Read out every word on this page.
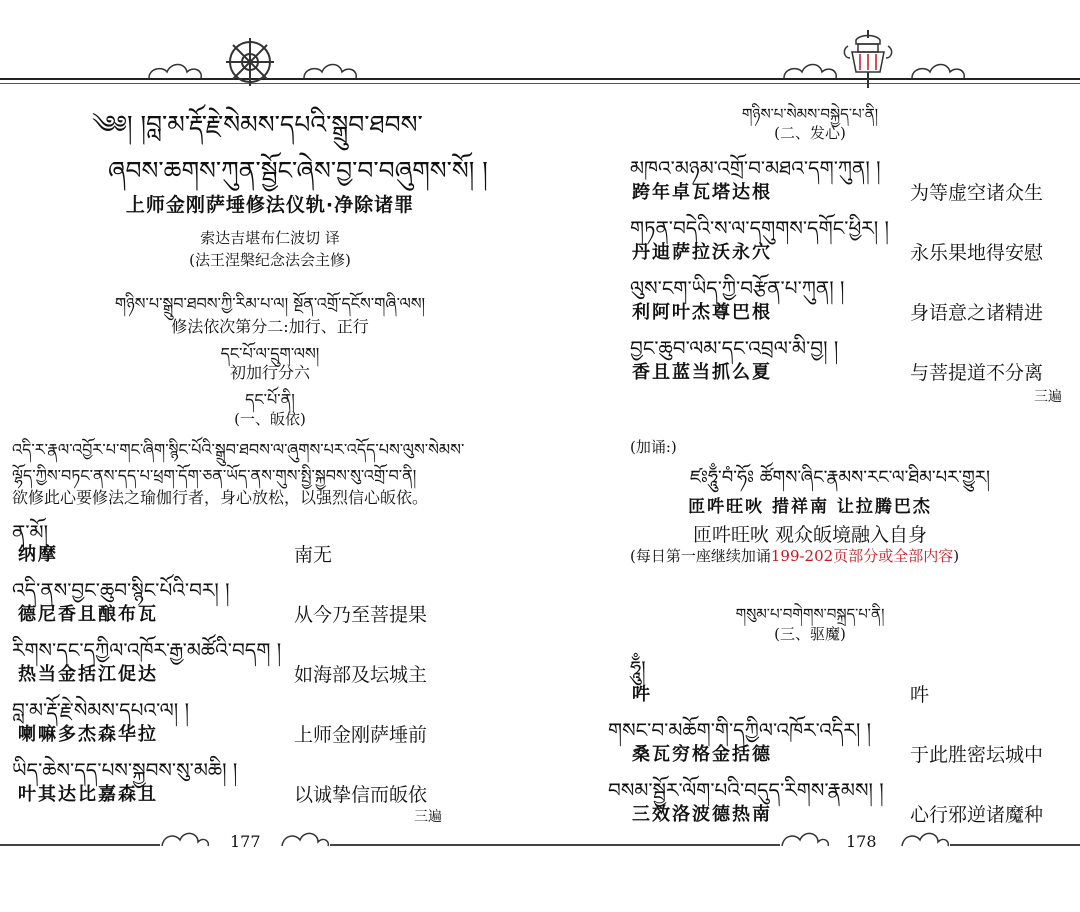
༄༅། །བླ་མ་རྡོ་རྗེ་སེམས་དཔའི་སྒྲུབ་ཐབས་
ཞབས་ཆགས་ཀུན་སྦྱོང་ཞེས་བྱ་བ་བཞུགས་སོ། །
上师金刚萨埵修法仪轨·净除诸罪
索达吉堪布仁波切 译
(法王涅槃纪念法会主修)
གཉིས་པ་སྒྲུབ་ཐབས་ཀྱི་རིམ་པ་ལ། སྔོན་འགྲོ་དངོས་གཞི་ལས།
修法依次第分二:加行、正行
དང་པོ་ལ་དྲུག་ལས།
初加行分六
དང་པོ་ནི།
(一、皈依)
འདི་ར་རྣལ་འབྱོར་པ་གང་ཞིག་སྙིང་པོའི་སྒྲུབ་ཐབས་ལ་ཞུགས་པར་འདོད་པས་ལུས་སེམས་
ལྷོད་ཀྱིས་བཏང་ནས་དད་པ་ཕྲག་དོག་ཅན་ཡོད་ནས་གུས་སྤྱི་སྐྱབས་སུ་འགྲོ་བ་ནི།
欲修此心要修法之瑜伽行者，身心放松，以强烈信心皈依。
ན་མོ།
纳摩	南无
འདི་ནས་བྱང་ཆུབ་སྙིང་པོའི་བར། །
德尼香且酿布瓦	从今乃至菩提果
རིགས་དང་དཀྱིལ་འཁོར་རྒྱ་མཚོའི་བདག །
热当金括江促达	如海部及坛城主
བླ་མ་རྡོ་རྗེ་སེམས་དཔའ་ལ། །
喇嘛多杰森华拉	上师金刚萨埵前
ཡིད་ཆེས་དད་པས་སྐྱབས་སུ་མཆི། །
叶其达比嘉森且	以诚挚信而皈依
三遍
177
གཉིས་པ་སེམས་བསྐྱེད་པ་ནི།
(二、发心)
མཁའ་མཉམ་འགྲོ་བ་མཐའ་དག་ཀུན། །
跨年卓瓦塔达根	为等虚空诸众生
གཏན་བདེའི་ས་ལ་དགུགས་དགོང་ཕྱིར། །
丹迪萨拉沃永穴	永乐果地得安慰
ལུས་ངག་ཡིད་ཀྱི་བརྩོན་པ་ཀུན། །
利阿叶杰尊巴根	身语意之诸精进
བྱང་ཆུབ་ལམ་དང་འབྲལ་མི་བྱ། །
香且蓝当抓么夏	与菩提道不分离
三遍
(加诵:)
ཛཿཧཱུྃ་བཾ་ཧོཿ ཚོགས་ཞིང་རྣམས་རང་ལ་ཐིམ་པར་གྱུར།
匝吽旺吙 措祥南 让拉腾巴杰
匝吽旺吙 观众皈境融入自身
(每日第一座继续加诵199-202页部分或全部内容)
གསུམ་པ་བགེགས་བསྐྲད་པ་ནི།
(三、驱魔)
ཧཱུྃ།
吽	吽
གསང་བ་མཆོག་གི་དཀྱིལ་འཁོར་འདིར། །
桑瓦穷格金括德	于此胜密坛城中
བསམ་སྦྱོར་ལོག་པའི་བདུད་རིགས་རྣམས། །
三效洛波德热南	心行邪逆诸魔种
178
